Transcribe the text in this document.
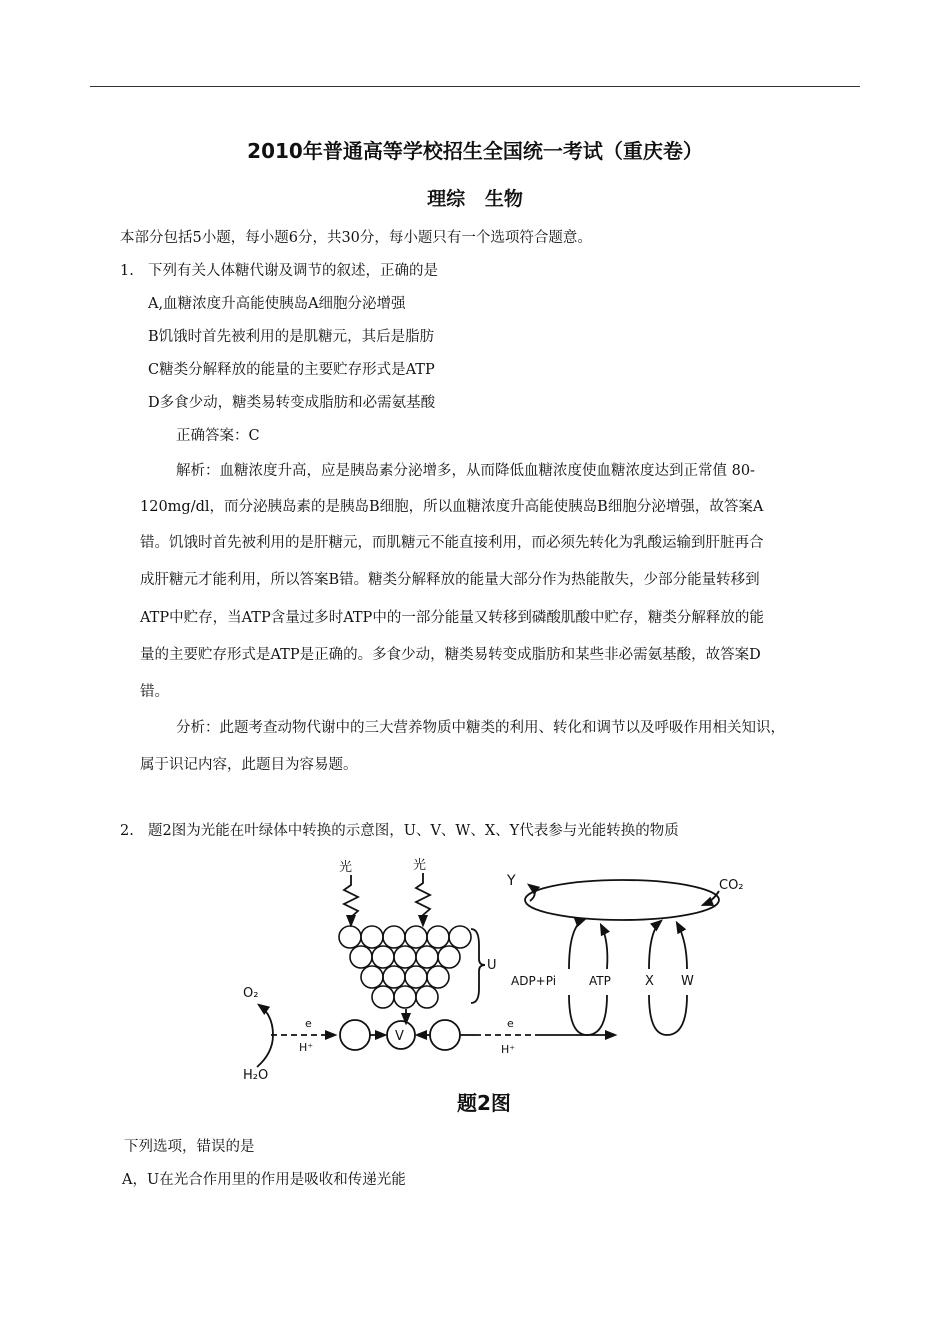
2010年普通高等学校招生全国统一考试（重庆卷）
理综   生物
本部分包括5小题，每小题6分，共30分，每小题只有一个选项符合题意。
1. 下列有关人体糖代谢及调节的叙述，正确的是
A,血糖浓度升高能使胰岛A细胞分泌增强
B饥饿时首先被利用的是肌糖元，其后是脂肪
C糖类分解释放的能量的主要贮存形式是ATP
D多食少动，糖类易转变成脂肪和必需氨基酸
正确答案：C
解析：血糖浓度升高，应是胰岛素分泌增多，从而降低血糖浓度使血糖浓度达到正常值 80-
120mg/dl，而分泌胰岛素的是胰岛B细胞，所以血糖浓度升高能使胰岛B细胞分泌增强，故答案A
错。饥饿时首先被利用的是肝糖元，而肌糖元不能直接利用，而必须先转化为乳酸运输到肝脏再合
成肝糖元才能利用，所以答案B错。糖类分解释放的能量大部分作为热能散失，少部分能量转移到
ATP中贮存，当ATP含量过多时ATP中的一部分能量又转移到磷酸肌酸中贮存，糖类分解释放的能
量的主要贮存形式是ATP是正确的。多食少动，糖类易转变成脂肪和某些非必需氨基酸，故答案D
错。
分析：此题考查动物代谢中的三大营养物质中糖类的利用、转化和调节以及呼吸作用相关知识，
属于识记内容，此题目为容易题。
2. 题2图为光能在叶绿体中转换的示意图，U、V、W、X、Y代表参与光能转换的物质
光	光
U
V
O₂
H₂O
e
H⁺
e
H⁺
Y	CO₂
ADP+Pi	ATP	X W
题2图
下列选项，错误的是
A，U在光合作用里的作用是吸收和传递光能
